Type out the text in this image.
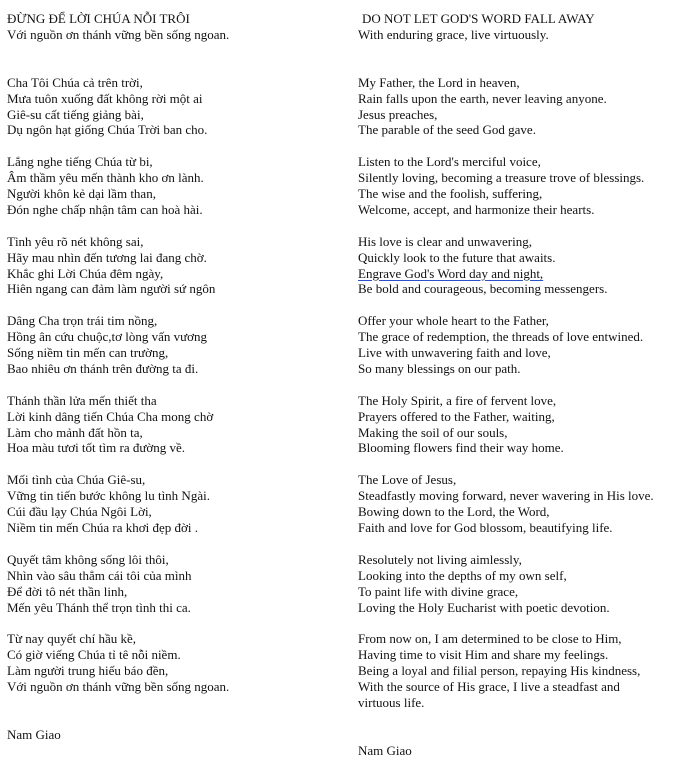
ĐỪNG ĐỂ LỜI CHÚA NỖI TRÔI
Với nguồn ơn thánh vững bền sống ngoan.
Cha Tôi Chúa cả trên trời,
Mưa tuôn xuống đất không rời một ai
Giê-su cất tiếng giảng bài,
Dụ ngôn hạt giống Chúa Trời ban cho.
Lắng nghe tiếng Chúa từ bi,
Âm thầm yêu mến thành kho ơn lành.
Người khôn kẻ dại lầm than,
Đón nghe chấp nhận tâm can hoà hài.
Tình yêu rõ nét không sai,
Hãy mau nhìn đến tương lai đang chờ.
Khắc ghi Lời Chúa đêm ngày,
Hiên ngang can đảm làm người sứ ngôn
Dâng Cha trọn trái tim nồng,
Hồng ân cứu chuộc,tơ lòng vấn vương
Sống niềm tin mến can trường,
Bao nhiêu ơn thánh trên đường ta đi.
Thánh thần lửa mến thiết tha
Lời kinh dâng tiến Chúa Cha mong chờ
Làm cho mảnh đất hồn ta,
Hoa màu tươi tốt tìm ra đường về.
Mối tình của Chúa Giê-su,
Vững tin tiến bước không lu tình Ngài.
Cúi đầu lạy Chúa Ngôi Lời,
Niềm tin mến Chúa ra khơi đẹp đời .
Quyết tâm không sống lôi thôi,
Nhìn vào sâu thẳm cái tôi của mình
Để đời tô nét thần linh,
Mến yêu Thánh thể trọn tình thi ca.
Từ nay quyết chí hầu kề,
Có giờ viếng Chúa tỉ tê nỗi niềm.
Làm người trung hiếu báo đền,
Với nguồn ơn thánh vững bền sống ngoan.
Nam Giao
DO NOT LET GOD'S WORD FALL AWAY
With enduring grace, live virtuously.
My Father, the Lord in heaven,
Rain falls upon the earth, never leaving anyone.
Jesus preaches,
The parable of the seed God gave.
Listen to the Lord's merciful voice,
Silently loving, becoming a treasure trove of blessings.
The wise and the foolish, suffering,
Welcome, accept, and harmonize their hearts.
His love is clear and unwavering,
Quickly look to the future that awaits.
Engrave God's Word day and night,
Be bold and courageous, becoming messengers.
Offer your whole heart to the Father,
The grace of redemption, the threads of love entwined.
Live with unwavering faith and love,
So many blessings on our path.
The Holy Spirit, a fire of fervent love,
Prayers offered to the Father, waiting,
Making the soil of our souls,
Blooming flowers find their way home.
The Love of Jesus,
Steadfastly moving forward, never wavering in His love.
Bowing down to the Lord, the Word,
Faith and love for God blossom, beautifying life.
Resolutely not living aimlessly,
Looking into the depths of my own self,
To paint life with divine grace,
Loving the Holy Eucharist with poetic devotion.
From now on, I am determined to be close to Him,
Having time to visit Him and share my feelings.
Being a loyal and filial person, repaying His kindness,
With the source of His grace, I live a steadfast and
virtuous life.
Nam Giao
